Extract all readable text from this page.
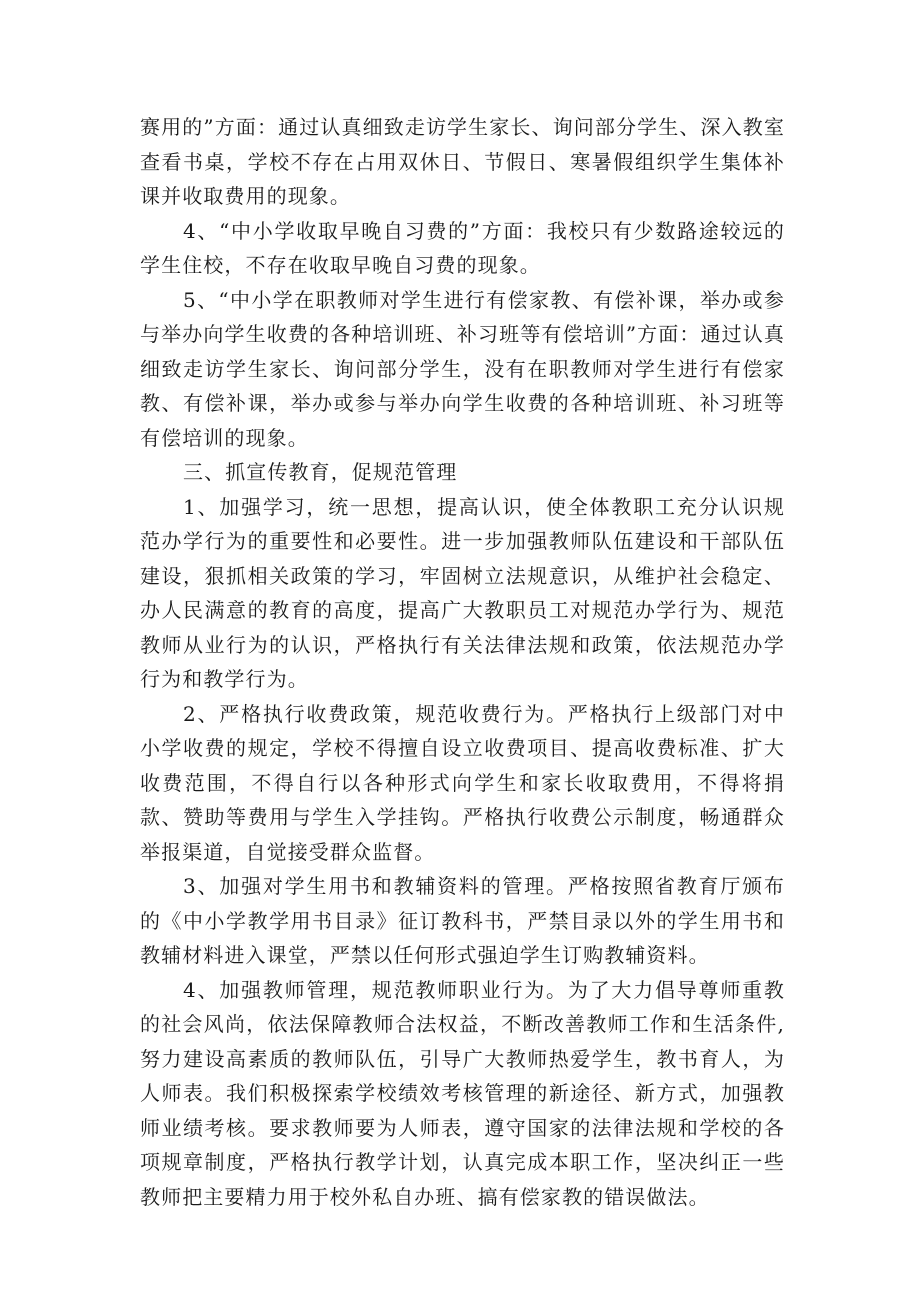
赛用的”方面：通过认真细致走访学生家长、询问部分学生、深入教室查看书桌，学校不存在占用双休日、节假日、寒暑假组织学生集体补课并收取费用的现象。

4、“中小学收取早晚自习费的”方面：我校只有少数路途较远的学生住校，不存在收取早晚自习费的现象。

5、“中小学在职教师对学生进行有偿家教、有偿补课，举办或参与举办向学生收费的各种培训班、补习班等有偿培训”方面：通过认真细致走访学生家长、询问部分学生，没有在职教师对学生进行有偿家教、有偿补课，举办或参与举办向学生收费的各种培训班、补习班等有偿培训的现象。

三、抓宣传教育，促规范管理

1、加强学习，统一思想，提高认识，使全体教职工充分认识规范办学行为的重要性和必要性。进一步加强教师队伍建设和干部队伍建设，狠抓相关政策的学习，牢固树立法规意识，从维护社会稳定、办人民满意的教育的高度，提高广大教职员工对规范办学行为、规范教师从业行为的认识，严格执行有关法律法规和政策，依法规范办学行为和教学行为。

2、严格执行收费政策，规范收费行为。严格执行上级部门对中小学收费的规定，学校不得擅自设立收费项目、提高收费标准、扩大收费范围，不得自行以各种形式向学生和家长收取费用，不得将捐款、赞助等费用与学生入学挂钩。严格执行收费公示制度，畅通群众举报渠道，自觉接受群众监督。

3、加强对学生用书和教辅资料的管理。严格按照省教育厅颁布的《中小学教学用书目录》征订教科书，严禁目录以外的学生用书和教辅材料进入课堂，严禁以任何形式强迫学生订购教辅资料。

4、加强教师管理，规范教师职业行为。为了大力倡导尊师重教的社会风尚，依法保障教师合法权益，不断改善教师工作和生活条件,努力建设高素质的教师队伍，引导广大教师热爱学生，教书育人，为人师表。我们积极探索学校绩效考核管理的新途径、新方式，加强教师业绩考核。要求教师要为人师表，遵守国家的法律法规和学校的各项规章制度，严格执行教学计划，认真完成本职工作，坚决纠正一些教师把主要精力用于校外私自办班、搞有偿家教的错误做法。
